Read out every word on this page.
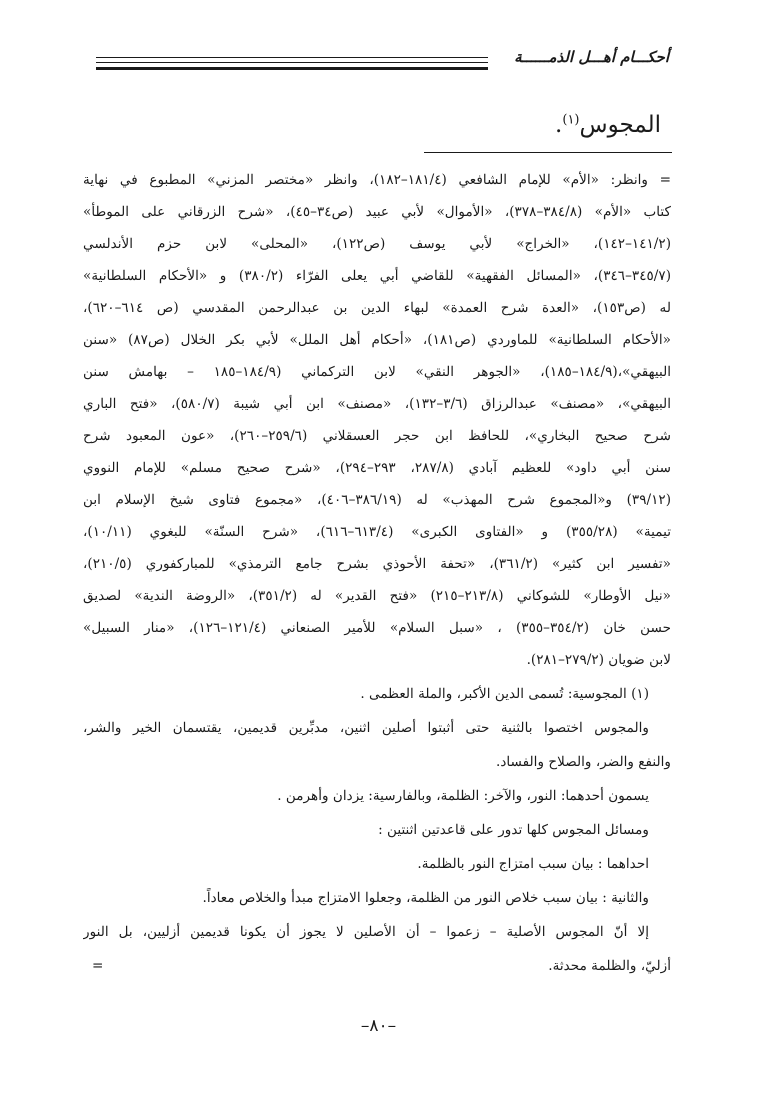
أحكـــام أهـــل الذمــــــة
المجوس$^{(١)}$.

= وانظر: «الأم» للإمام الشافعي (١٨١/٤–١٨٢)، وانظر «مختصر المزني» المطبوع في نهاية

كتاب «الأم» (٣٨٤/٨–٣٧٨)، «الأموال» لأبي عبيد (ص٣٤–٤٥)، «شرح الزرقاني على الموطأ»

(١٤١/٢–١٤٢)، «الخراج» لأبي يوسف (ص١٢٢)، «المحلى» لابن حزم الأندلسي

(٣٤٥/٧–٣٤٦)، «المسائل الفقهية» للقاضي أبي يعلى الفرّاء (٣٨٠/٢) و «الأحكام السلطانية»

له (ص١٥٣)، «العدة شرح العمدة» لبهاء الدين بن عبدالرحمن المقدسي (ص ٦١٤–٦٢٠)،

«الأحكام السلطانية» للماوردي (ص١٨١)، «أحكام أهل الملل» لأبي بكر الخلال (ص٨٧) «سنن

البيهقي»،(١٨٤/٩–١٨٥)، «الجوهر النقي» لابن التركماني (١٨٤/٩–١٨٥ – بهامش سنن

البيهقي»، «مصنف» عبدالرزاق (٣/٦–١٣٢)، «مصنف» ابن أبي شيبة (٥٨٠/٧)، «فتح الباري

شرح صحيح البخاري»، للحافظ ابن حجر العسقلاني (٢٥٩/٦–٢٦٠)، «عون المعبود شرح

سنن أبي داود» للعظيم آبادي (٢٨٧/٨، ٢٩٣–٢٩٤)، «شرح صحيح مسلم» للإمام النووي

(٣٩/١٢) و«المجموع شرح المهذب» له (٣٨٦/١٩–٤٠٦)، «مجموع فتاوى شيخ الإسلام ابن

تيمية» (٣٥٥/٢٨) و «الفتاوى الكبرى» (٦١٣/٤–٦١٦)، «شرح السنّة» للبغوي (١٠/١١)،

«تفسير ابن كثير» (٣٦١/٢)، «تحفة الأحوذي بشرح جامع الترمذي» للمباركفوري (٢١٠/٥)،

«نيل الأوطار» للشوكاني (٢١٣/٨–٢١٥) «فتح القدير» له (٣٥١/٢)، «الروضة الندية» لصديق

حسن خان (٣٥٤/٢–٣٥٥) ، «سبل السلام» للأمير الصنعاني (١٢١/٤–١٢٦)، «منار السبيل»

لابن ضويان (٢٧٩/٢–٢٨١).

(١) المجوسية: تُسمى الدين الأكبر، والملة العظمى .

والمجوس اختصوا بالثنية حتى أثبتوا أصلين اثنين، مدبِّرين قديمين، يقتسمان الخير والشر،

والنفع والضر، والصلاح والفساد.

يسمون أحدهما: النور، والآخر: الظلمة، وبالفارسية: يزدان وأهرمن .

ومسائل المجوس كلها تدور على قاعدتين اثنتين :

احداهما : بيان سبب امتزاج النور بالظلمة.

والثانية : بيان سبب خلاص النور من الظلمة، وجعلوا الامتزاج مبدأ والخلاص معاداً.

إلا أنّ المجوس الأصلية – زعموا – أن الأصلين لا يجوز أن يكونا قديمين أزليين، بل النور

أزليّ، والظلمة محدثة.

=

–٨٠–
